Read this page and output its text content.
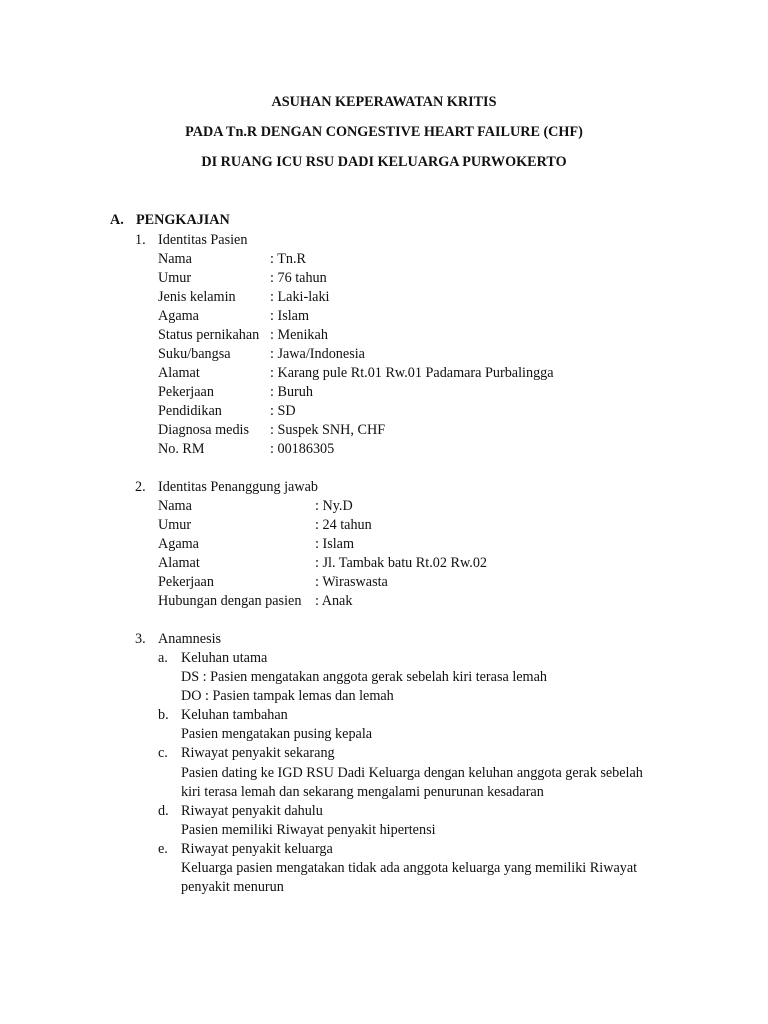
ASUHAN KEPERAWATAN KRITIS
PADA Tn.R DENGAN CONGESTIVE HEART FAILURE (CHF)
DI RUANG ICU RSU DADI KELUARGA PURWOKERTO
A. PENGKAJIAN
1. Identitas Pasien
Nama	: Tn.R
Umur	: 76 tahun
Jenis kelamin : Laki-laki
Agama	: Islam
Status pernikahan : Menikah
Suku/bangsa	: Jawa/Indonesia
Alamat	: Karang pule Rt.01 Rw.01 Padamara Purbalingga
Pekerjaan	: Buruh
Pendidikan	: SD
Diagnosa medis : Suspek SNH, CHF
No. RM	: 00186305
2. Identitas Penanggung jawab
Nama	: Ny.D
Umur	: 24 tahun
Agama	: Islam
Alamat	: Jl. Tambak batu Rt.02 Rw.02
Pekerjaan	: Wiraswasta
Hubungan dengan pasien : Anak
3. Anamnesis
a. Keluhan utama
DS : Pasien mengatakan anggota gerak sebelah kiri terasa lemah
DO : Pasien tampak lemas dan lemah
b. Keluhan tambahan
Pasien mengatakan pusing kepala
c. Riwayat penyakit sekarang
Pasien dating ke IGD RSU Dadi Keluarga dengan keluhan anggota gerak sebelah
kiri terasa lemah dan sekarang mengalami penurunan kesadaran
d. Riwayat penyakit dahulu
Pasien memiliki Riwayat penyakit hipertensi
e. Riwayat penyakit keluarga
Keluarga pasien mengatakan tidak ada anggota keluarga yang memiliki Riwayat
penyakit menurun
